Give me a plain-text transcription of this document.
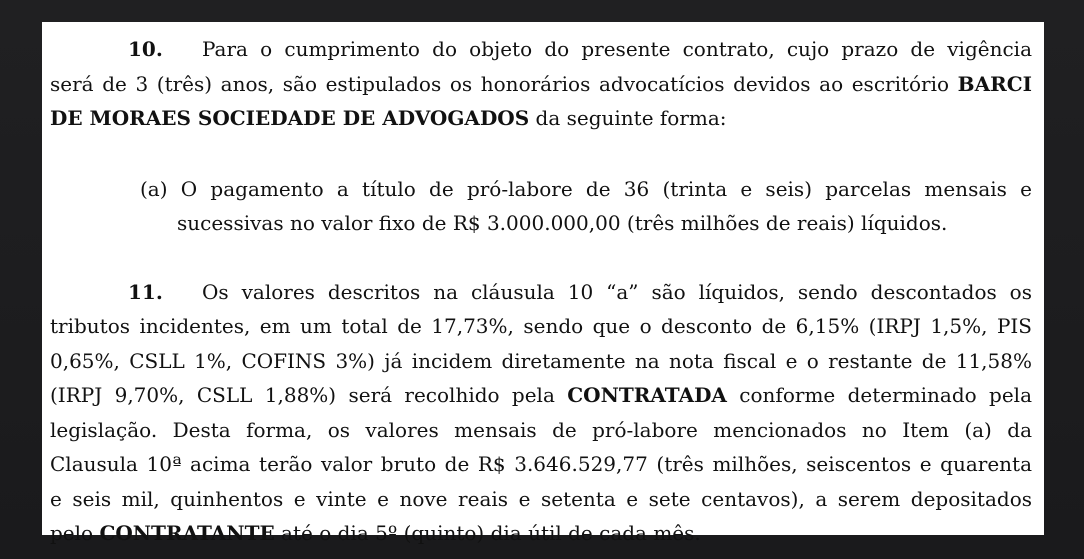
10. Para o cumprimento do objeto do presente contrato, cujo prazo de vigência
será de 3 (três) anos, são estipulados os honorários advocatícios devidos ao escritório BARCI
DE MORAES SOCIEDADE DE ADVOGADOS da seguinte forma:
(a) O pagamento a título de pró-labore de 36 (trinta e seis) parcelas mensais e
sucessivas no valor fixo de R$ 3.000.000,00 (três milhões de reais) líquidos.
11. Os valores descritos na cláusula 10 “a” são líquidos, sendo descontados os
tributos incidentes, em um total de 17,73%, sendo que o desconto de 6,15% (IRPJ 1,5%, PIS
0,65%, CSLL 1%, COFINS 3%) já incidem diretamente na nota fiscal e o restante de 11,58%
(IRPJ 9,70%, CSLL 1,88%) será recolhido pela CONTRATADA conforme determinado pela
legislação. Desta forma, os valores mensais de pró-labore mencionados no Item (a) da
Clausula 10ª acima terão valor bruto de R$ 3.646.529,77 (três milhões, seiscentos e quarenta
e seis mil, quinhentos e vinte e nove reais e setenta e sete centavos), a serem depositados
pelo CONTRATANTE até o dia 5º (quinto) dia útil de cada mês.
